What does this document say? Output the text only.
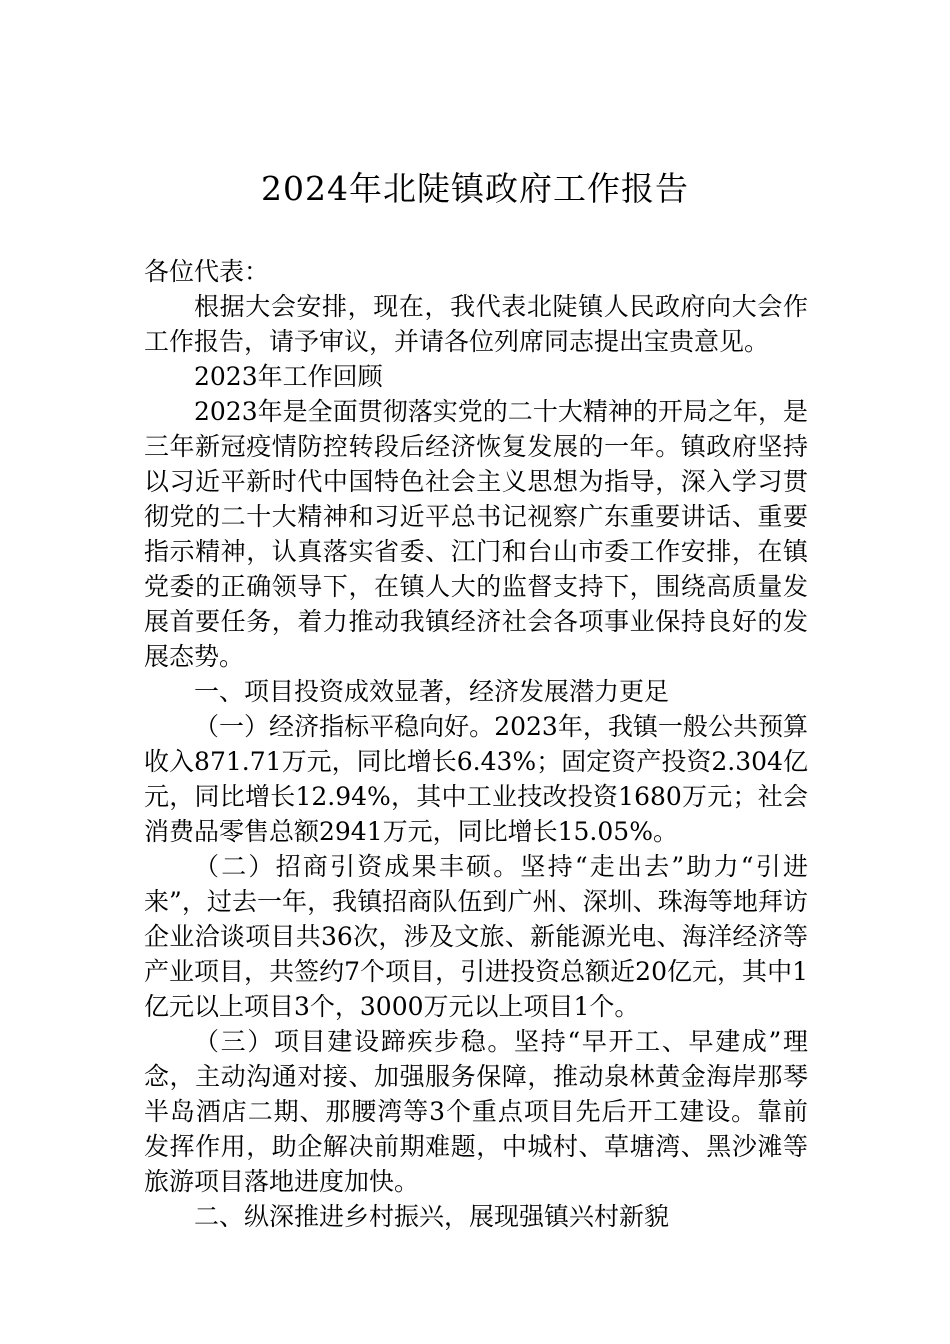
2024年北陡镇政府工作报告

各位代表：

根据大会安排，现在，我代表北陡镇人民政府向大会作工作报告，请予审议，并请各位列席同志提出宝贵意见。

2023年工作回顾

2023年是全面贯彻落实党的二十大精神的开局之年，是三年新冠疫情防控转段后经济恢复发展的一年。镇政府坚持以习近平新时代中国特色社会主义思想为指导，深入学习贯彻党的二十大精神和习近平总书记视察广东重要讲话、重要指示精神，认真落实省委、江门和台山市委工作安排，在镇党委的正确领导下，在镇人大的监督支持下，围绕高质量发展首要任务，着力推动我镇经济社会各项事业保持良好的发展态势。

一、项目投资成效显著，经济发展潜力更足

（一）经济指标平稳向好。2023年，我镇一般公共预算收入871.71万元，同比增长6.43%；固定资产投资2.304亿元，同比增长12.94%，其中工业技改投资1680万元；社会消费品零售总额2941万元，同比增长15.05%。

（二）招商引资成果丰硕。坚持“走出去”助力“引进来”，过去一年，我镇招商队伍到广州、深圳、珠海等地拜访企业洽谈项目共36次，涉及文旅、新能源光电、海洋经济等产业项目，共签约7个项目，引进投资总额近20亿元，其中1亿元以上项目3个，3000万元以上项目1个。

（三）项目建设蹄疾步稳。坚持“早开工、早建成”理念，主动沟通对接、加强服务保障，推动泉林黄金海岸那琴半岛酒店二期、那腰湾等3个重点项目先后开工建设。靠前发挥作用，助企解决前期难题，中城村、草塘湾、黑沙滩等旅游项目落地进度加快。

二、纵深推进乡村振兴，展现强镇兴村新貌
